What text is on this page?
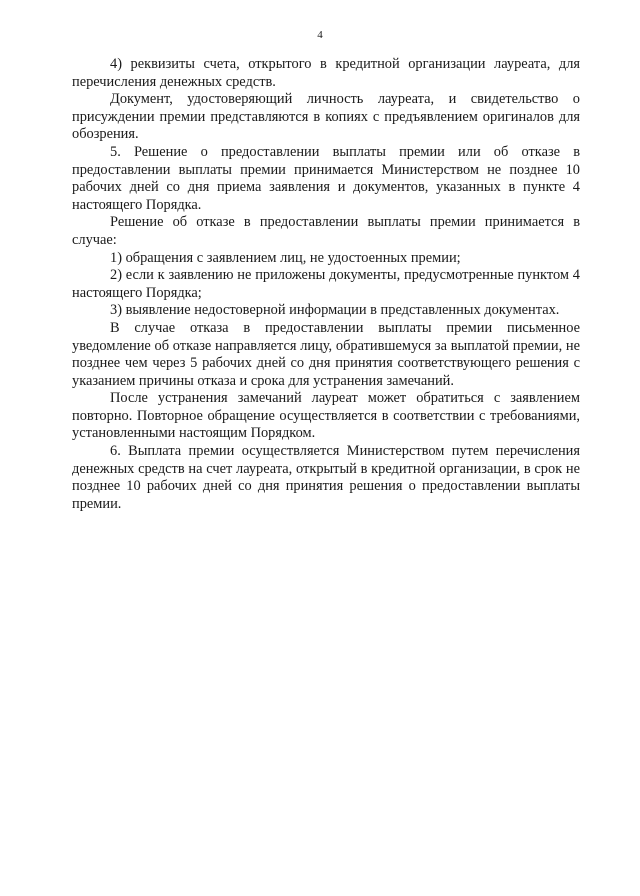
4

4) реквизиты счета, открытого в кредитной организации лауреата, для перечисления денежных средств.

Документ, удостоверяющий личность лауреата, и свидетельство о присуждении премии представляются в копиях с предъявлением оригиналов для обозрения.

5. Решение о предоставлении выплаты премии или об отказе в предоставлении выплаты премии принимается Министерством не позднее 10 рабочих дней со дня приема заявления и документов, указанных в пункте 4 настоящего Порядка.

Решение об отказе в предоставлении выплаты премии принимается в случае:

1) обращения с заявлением лиц, не удостоенных премии;

2) если к заявлению не приложены документы, предусмотренные пунктом 4 настоящего Порядка;

3) выявление недостоверной информации в представленных документах.

В случае отказа в предоставлении выплаты премии письменное уведомление об отказе направляется лицу, обратившемуся за выплатой премии, не позднее чем через 5 рабочих дней со дня принятия соответствующего решения с указанием причины отказа и срока для устранения замечаний.

После устранения замечаний лауреат может обратиться с заявлением повторно. Повторное обращение осуществляется в соответствии с требованиями, установленными настоящим Порядком.

6. Выплата премии осуществляется Министерством путем перечисления денежных средств на счет лауреата, открытый в кредитной организации, в срок не позднее 10 рабочих дней со дня принятия решения о предоставлении выплаты премии.
